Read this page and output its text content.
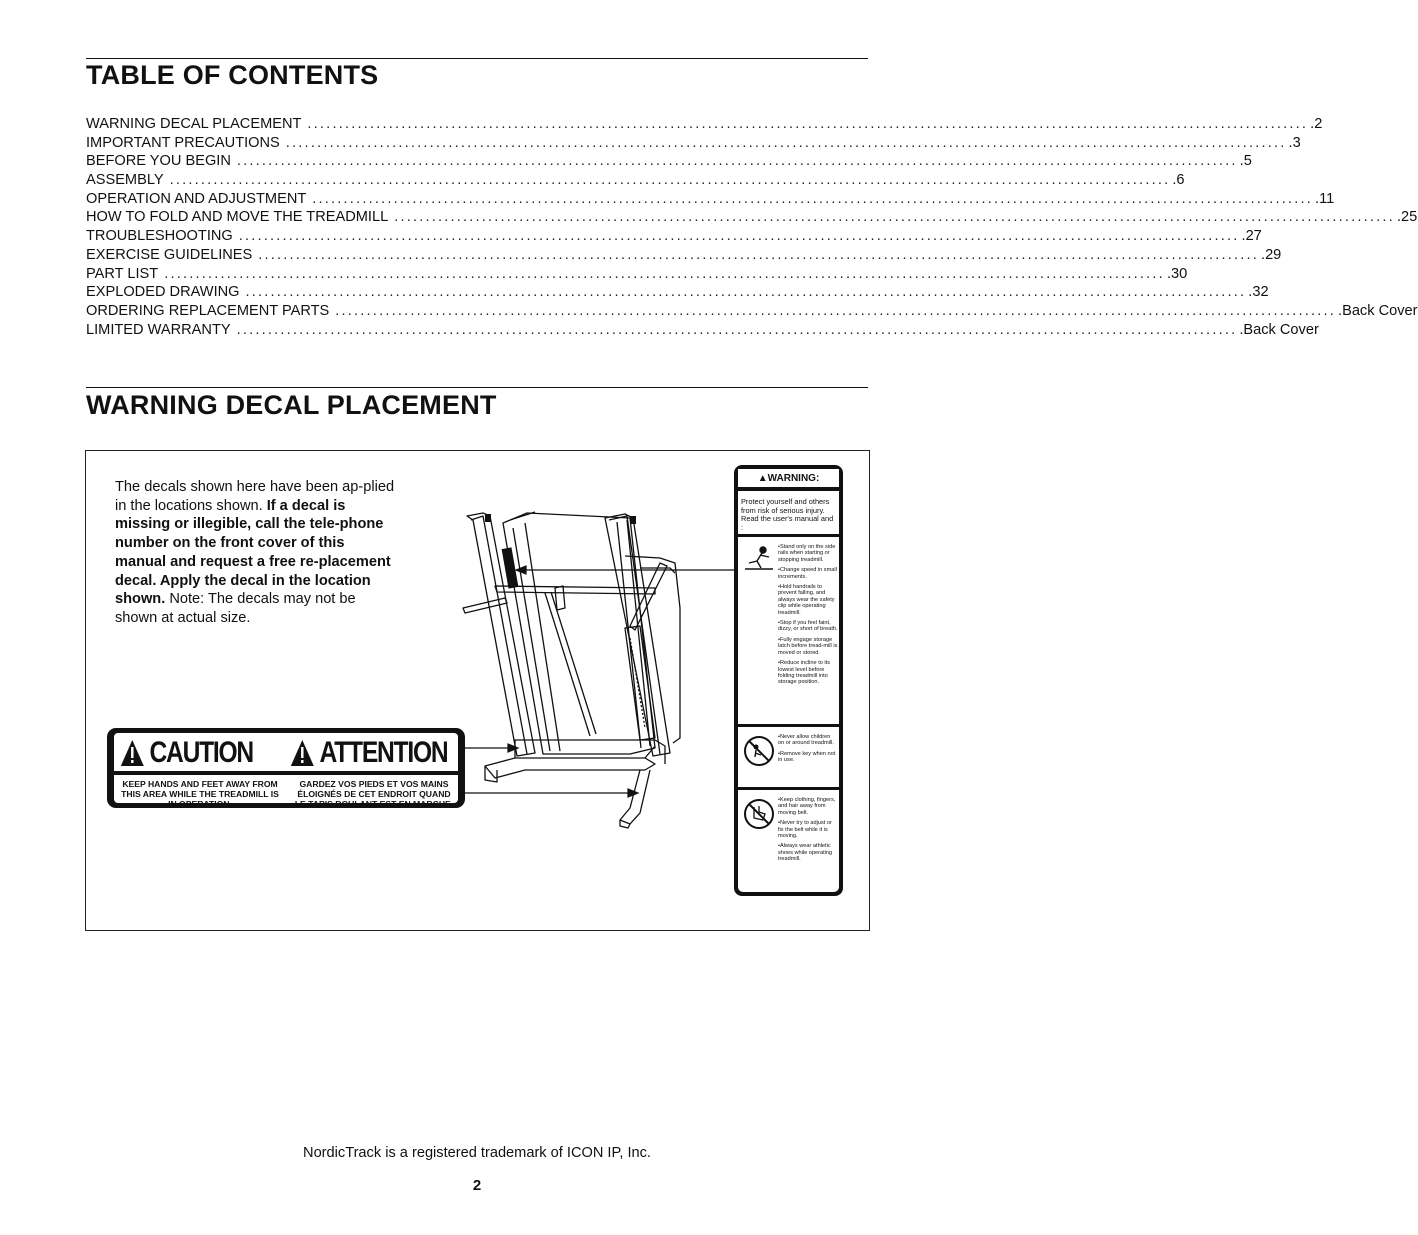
TABLE OF CONTENTS
WARNING DECAL PLACEMENT ................................................................................................................................................................ .2
IMPORTANT PRECAUTIONS ................................................................................................................................................................ .3
BEFORE YOU BEGIN ................................................................................................................................................................ .5
ASSEMBLY ................................................................................................................................................................ .6
OPERATION AND ADJUSTMENT ................................................................................................................................................................ .11
HOW TO FOLD AND MOVE THE TREADMILL ................................................................................................................................................................ .25
TROUBLESHOOTING ................................................................................................................................................................ .27
EXERCISE GUIDELINES ................................................................................................................................................................ .29
PART LIST ................................................................................................................................................................ .30
EXPLODED DRAWING ................................................................................................................................................................ .32
ORDERING REPLACEMENT PARTS ................................................................................................................................................................ .Back Cover
LIMITED WARRANTY ................................................................................................................................................................ .Back Cover
WARNING DECAL PLACEMENT
The decals shown here have been ap-plied in the locations shown. If a decal is missing or illegible, call the tele-phone number on the front cover of this manual and request a free re-placement decal. Apply the decal in the location shown. Note: The decals may not be shown at actual size.
CAUTION ATTENTION
KEEP HANDS AND FEET AWAY FROM THIS AREA WHILE THE TREADMILL IS IN OPERATION.
GARDEZ VOS PIEDS ET VOS MAINS ÉLOIGNÉS DE CET ENDROIT QUAND LE TAPIS ROULANT EST EN MARCHE.
▲WARNING:
Protect yourself and others from risk of serious injury. Read the user's manual and :
•Stand only on the side rails when starting or stopping treadmill.
•Change speed in small increments.
•Hold handrails to prevent falling, and always wear the safety clip while operating treadmill.
•Stop if you feel faint, dizzy, or short of breath.
•Fully engage storage latch before tread-mill is moved or stored.
•Reduce incline to its lowest level before folding treadmill into storage position.
•Never allow children on or around treadmill.
•Remove key when not in use.
•Keep clothing, fingers, and hair away from moving belt.
•Never try to adjust or fix the belt while it is moving.
•Always wear athletic shoes while operating treadmill.
NordicTrack is a registered trademark of ICON IP, Inc.
2
